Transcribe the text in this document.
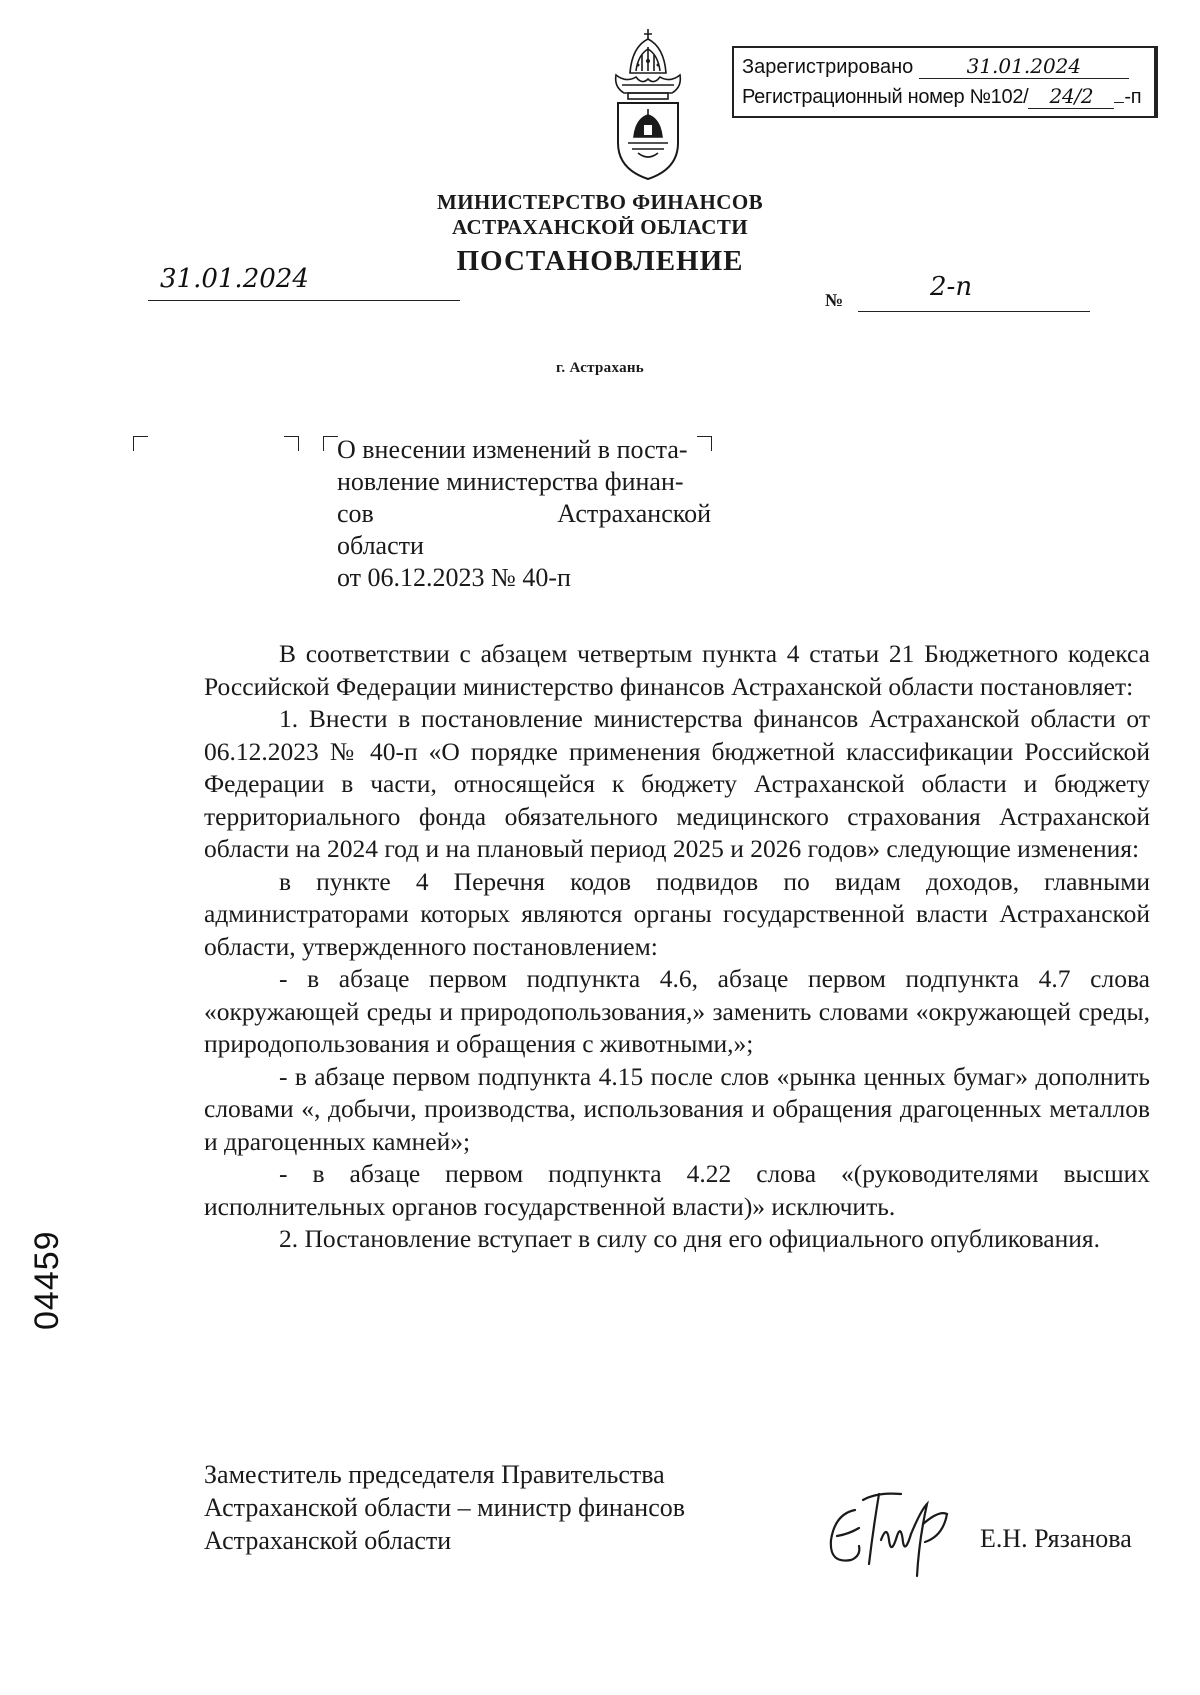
Зарегистрировано	31.01.2024
Регистрационный номер №102/ 24/2 -п
МИНИСТЕРСТВО ФИНАНСОВ
АСТРАХАНСКОЙ ОБЛАСТИ
ПОСТАНОВЛЕНИЕ
31.01.2024
№	2-п
г. Астрахань
О внесении изменений в поста-
новление министерства финан-
сов Астраханской области
от 06.12.2023 № 40-п

В соответствии с абзацем четвертым пункта 4 статьи 21 Бюджетного кодекса Российской Федерации министерство финансов Астраханской области постановляет:

1. Внести в постановление министерства финансов Астраханской области от 06.12.2023 № 40-п «О порядке применения бюджетной классификации Российской Федерации в части, относящейся к бюджету Астраханской области и бюджету территориального фонда обязательного медицинского страхования Астраханской области на 2024 год и на плановый период 2025 и 2026 годов» следующие изменения:

в пункте 4 Перечня кодов подвидов по видам доходов, главными администраторами которых являются органы государственной власти Астраханской области, утвержденного постановлением:

- в абзаце первом подпункта 4.6, абзаце первом подпункта 4.7 слова «окружающей среды и природопользования,» заменить словами «окружающей среды, природопользования и обращения с животными,»;

- в абзаце первом подпункта 4.15 после слов «рынка ценных бумаг» дополнить словами «, добычи, производства, использования и обращения драгоценных металлов и драгоценных камней»;

- в абзаце первом подпункта 4.22 слова «(руководителями высших исполнительных органов государственной власти)» исключить.

2. Постановление вступает в силу со дня его официального опубликования.

Заместитель председателя Правительства
Астраханской области – министр финансов
Астраханской области	Е.Н. Рязанова
04459
